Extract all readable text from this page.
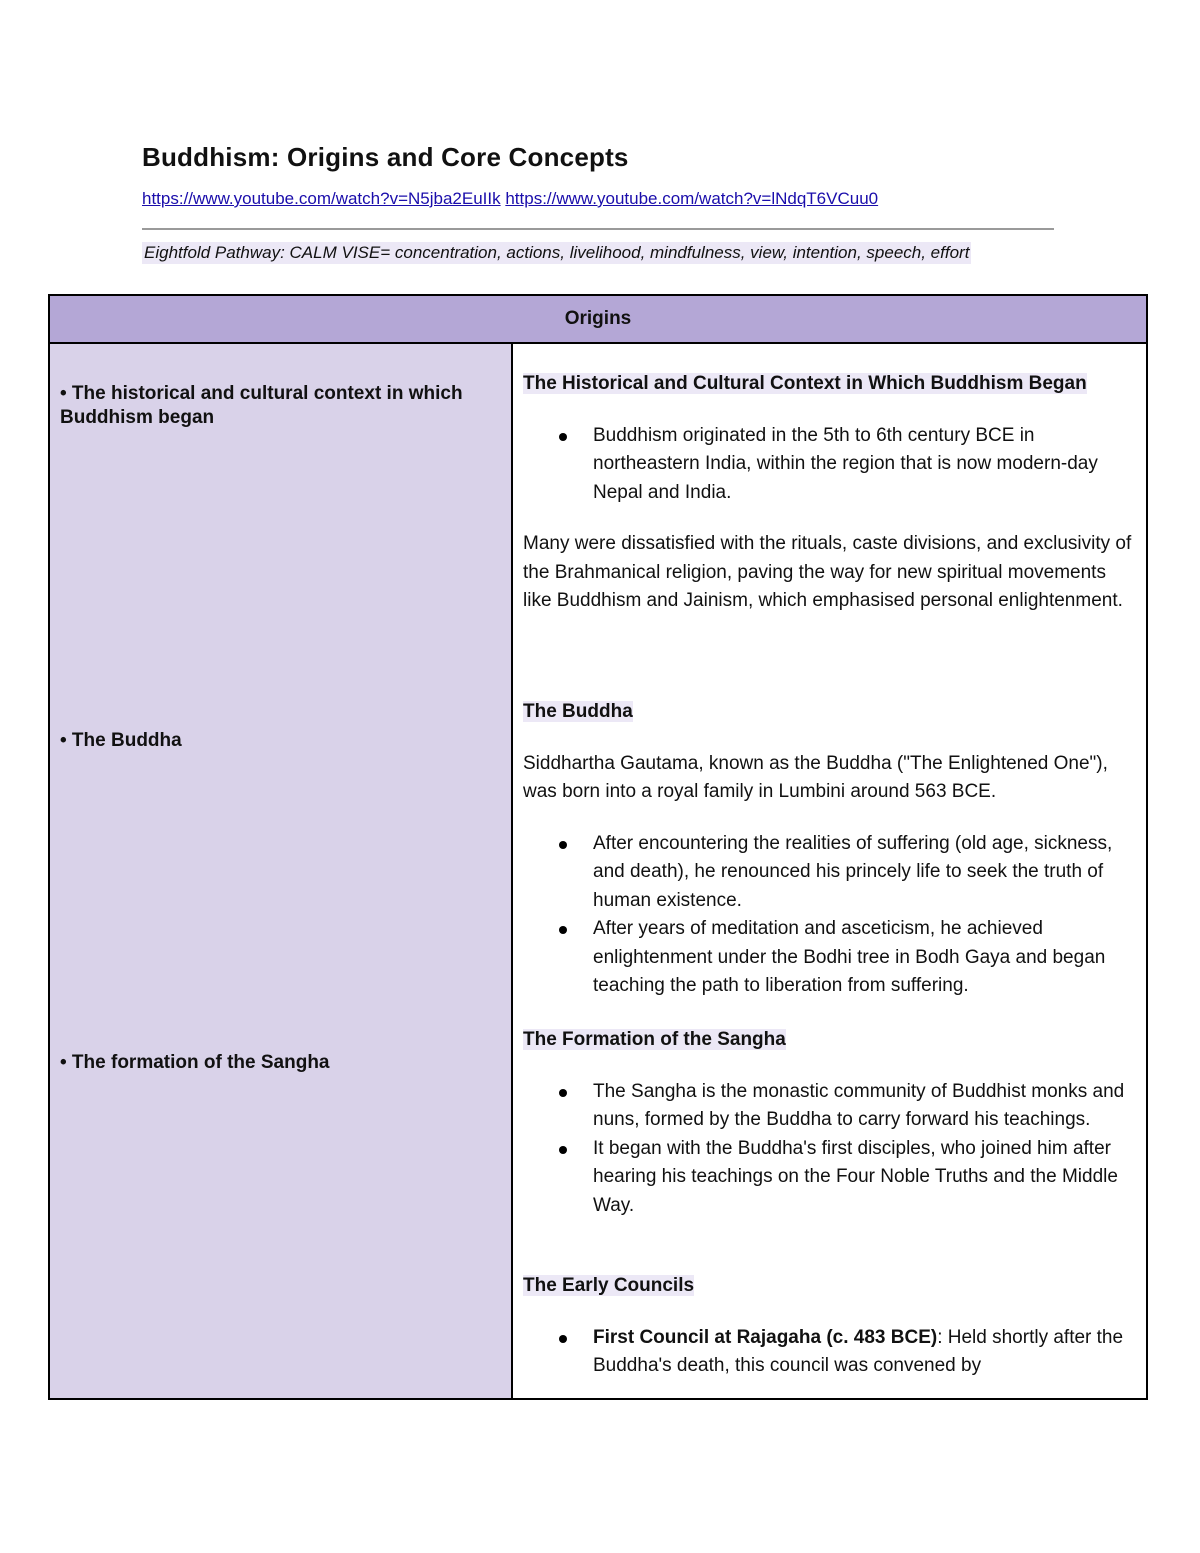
Buddhism: Origins and Core Concepts
https://www.youtube.com/watch?v=N5jba2EuIIk https://www.youtube.com/watch?v=lNdqT6VCuu0
Eightfold Pathway: CALM VISE= concentration, actions, livelihood, mindfulness, view, intention, speech, effort
Origins
• The historical and cultural context in which Buddhism began
• The Buddha
• The formation of the Sangha
The Historical and Cultural Context in Which Buddhism Began
Buddhism originated in the 5th to 6th century BCE in northeastern India, within the region that is now modern-day Nepal and India.

Many were dissatisfied with the rituals, caste divisions, and exclusivity of the Brahmanical religion, paving the way for new spiritual movements like Buddhism and Jainism, which emphasised personal enlightenment.

The Buddha

Siddhartha Gautama, known as the Buddha ("The Enlightened One"), was born into a royal family in Lumbini around 563 BCE.

After encountering the realities of suffering (old age, sickness, and death), he renounced his princely life to seek the truth of human existence.
After years of meditation and asceticism, he achieved enlightenment under the Bodhi tree in Bodh Gaya and began teaching the path to liberation from suffering.
The Formation of the Sangha
The Sangha is the monastic community of Buddhist monks and nuns, formed by the Buddha to carry forward his teachings.
It began with the Buddha's first disciples, who joined him after hearing his teachings on the Four Noble Truths and the Middle Way.
The Early Councils
First Council at Rajagaha (c. 483 BCE): Held shortly after the Buddha's death, this council was convened by
